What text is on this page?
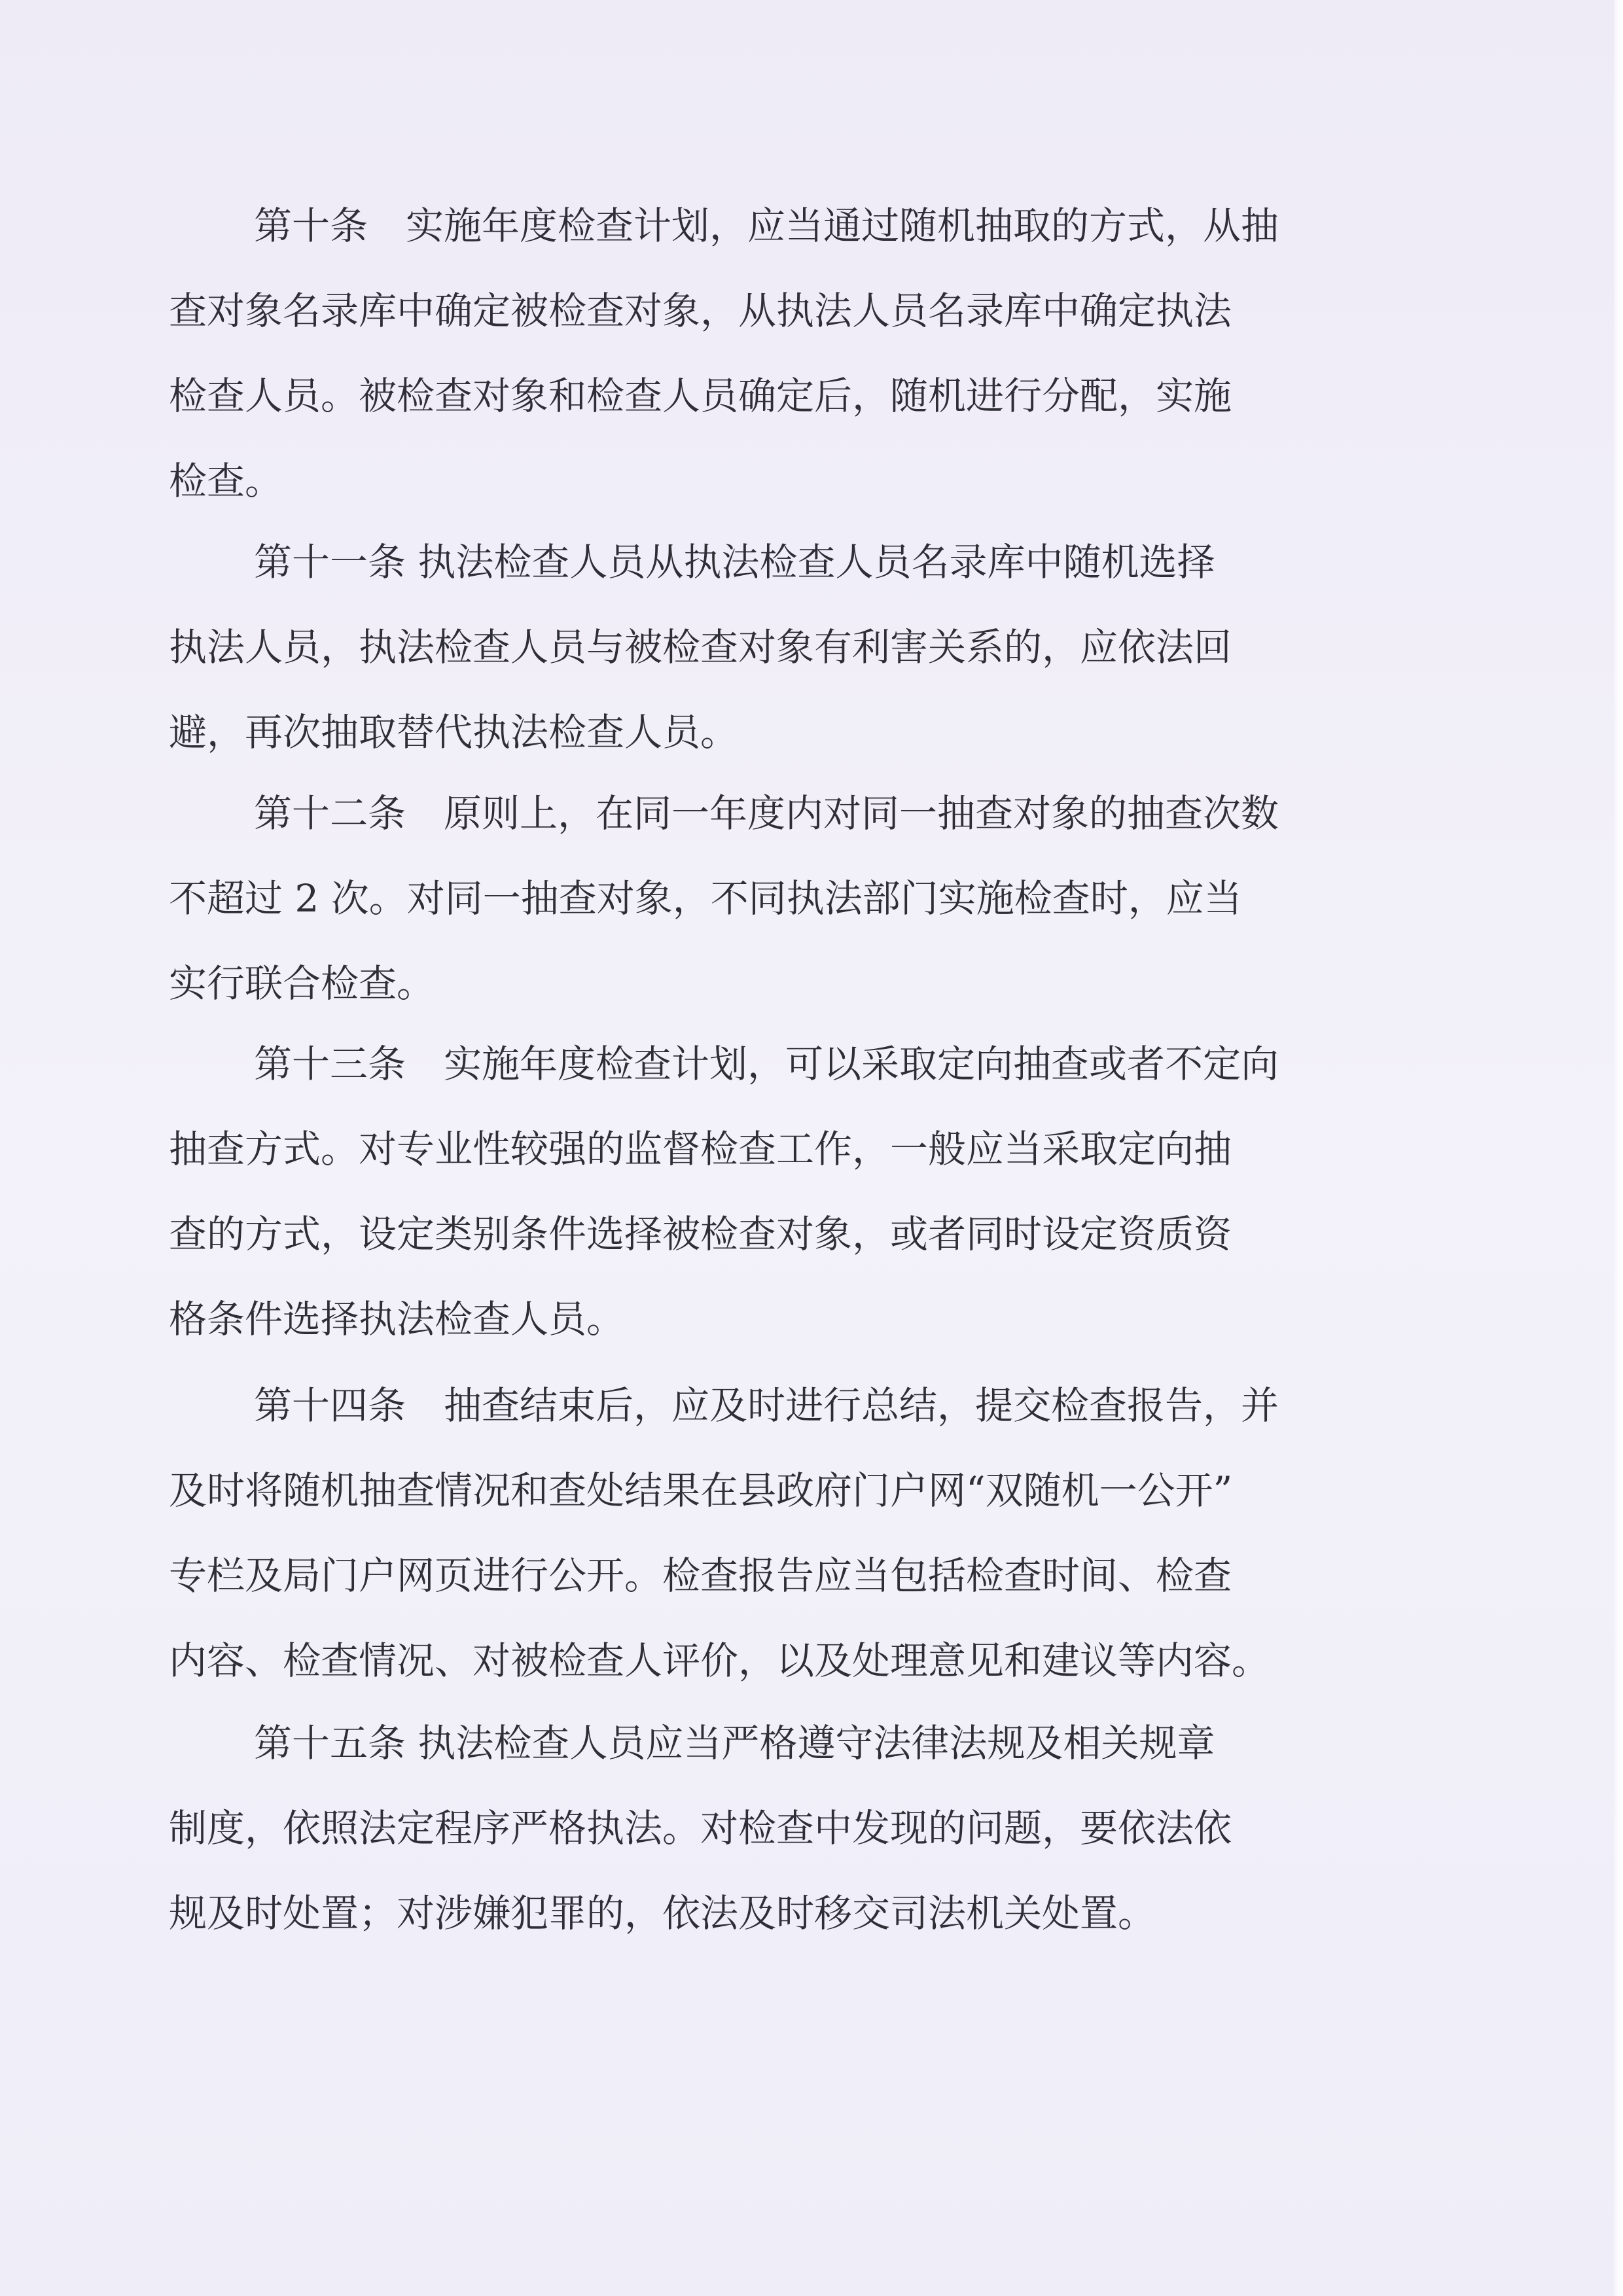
第十条　实施年度检查计划，应当通过随机抽取的方式，从抽
查对象名录库中确定被检查对象，从执法人员名录库中确定执法
检查人员。被检查对象和检查人员确定后，随机进行分配，实施
检查。
第十一条 执法检查人员从执法检查人员名录库中随机选择
执法人员，执法检查人员与被检查对象有利害关系的，应依法回
避，再次抽取替代执法检查人员。
第十二条　原则上，在同一年度内对同一抽查对象的抽查次数
不超过 2 次。对同一抽查对象，不同执法部门实施检查时，应当
实行联合检查。
第十三条　实施年度检查计划，可以采取定向抽查或者不定向
抽查方式。对专业性较强的监督检查工作，一般应当采取定向抽
查的方式，设定类别条件选择被检查对象，或者同时设定资质资
格条件选择执法检查人员。
第十四条　抽查结束后，应及时进行总结，提交检查报告，并
及时将随机抽查情况和查处结果在县政府门户网“双随机一公开”
专栏及局门户网页进行公开。检查报告应当包括检查时间、检查
内容、检查情况、对被检查人评价，以及处理意见和建议等内容。
第十五条 执法检查人员应当严格遵守法律法规及相关规章
制度，依照法定程序严格执法。对检查中发现的问题，要依法依
规及时处置；对涉嫌犯罪的，依法及时移交司法机关处置。
